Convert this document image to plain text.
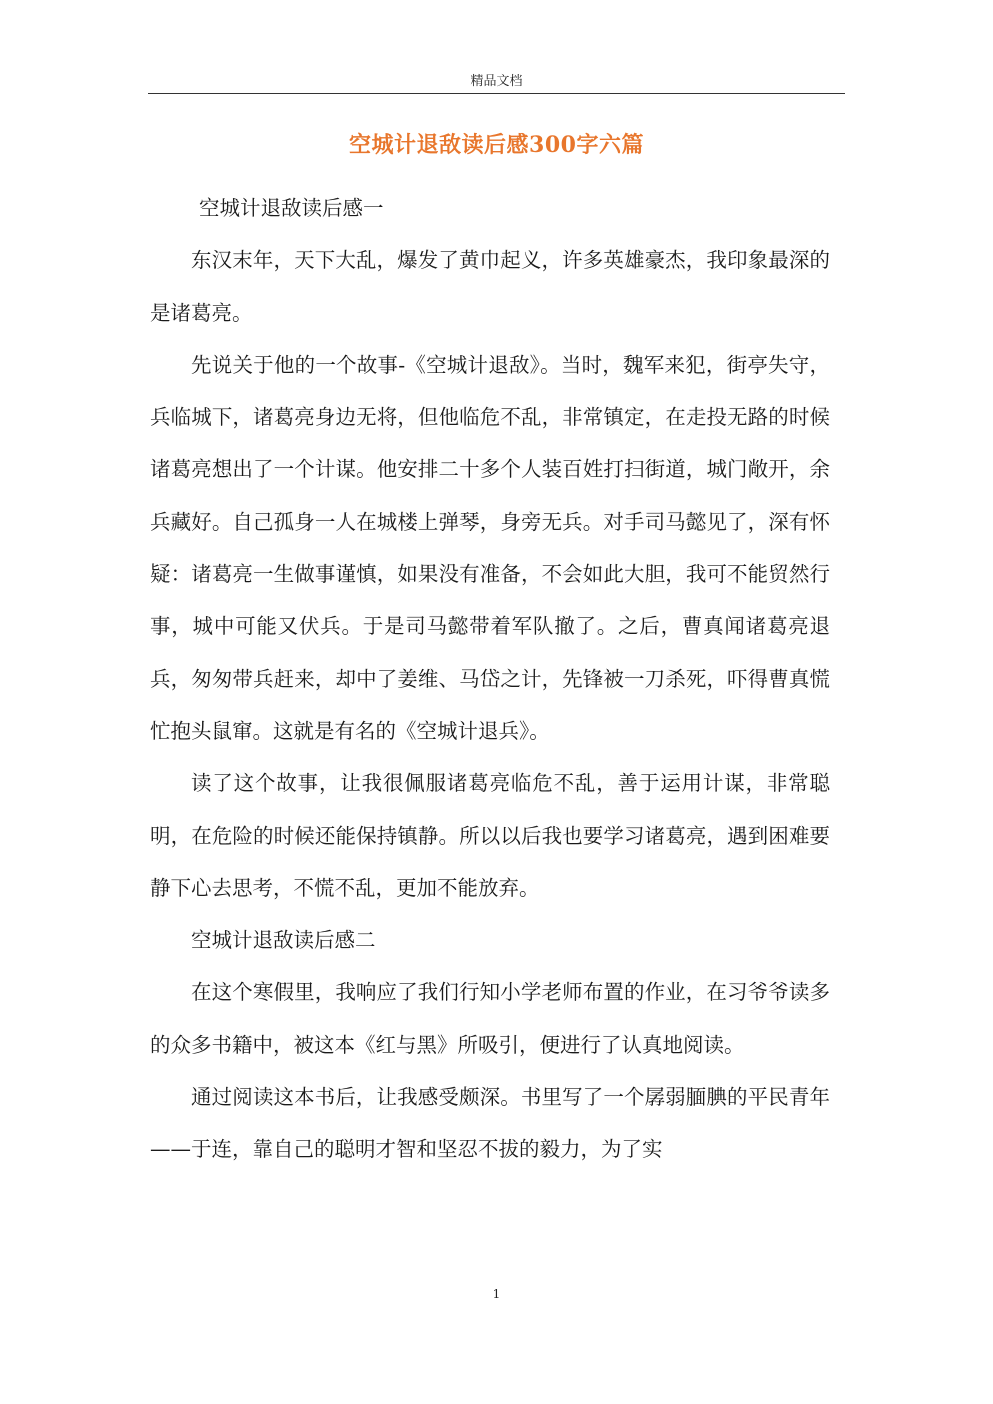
精品文档
空城计退敌读后感300字六篇

空城计退敌读后感一

东汉末年，天下大乱，爆发了黄巾起义，许多英雄豪杰，我印象最深的是诸葛亮。

先说关于他的一个故事-《空城计退敌》。当时，魏军来犯，街亭失守，兵临城下，诸葛亮身边无将，但他临危不乱，非常镇定，在走投无路的时候诸葛亮想出了一个计谋。他安排二十多个人装百姓打扫街道，城门敞开，余兵藏好。自己孤身一人在城楼上弹琴，身旁无兵。对手司马懿见了，深有怀疑：诸葛亮一生做事谨慎，如果没有准备，不会如此大胆，我可不能贸然行事，城中可能又伏兵。于是司马懿带着军队撤了。之后，曹真闻诸葛亮退兵，匆匆带兵赶来，却中了姜维、马岱之计，先锋被一刀杀死，吓得曹真慌忙抱头鼠窜。这就是有名的《空城计退兵》。

读了这个故事，让我很佩服诸葛亮临危不乱，善于运用计谋，非常聪明，在危险的时候还能保持镇静。所以以后我也要学习诸葛亮，遇到困难要静下心去思考，不慌不乱，更加不能放弃。

空城计退敌读后感二

在这个寒假里，我响应了我们行知小学老师布置的作业，在习爷爷读多的众多书籍中，被这本《红与黑》所吸引，便进行了认真地阅读。

通过阅读这本书后，让我感受颇深。书里写了一个孱弱腼腆的平民青年——于连，靠自己的聪明才智和坚忍不拔的毅力，为了实

1
